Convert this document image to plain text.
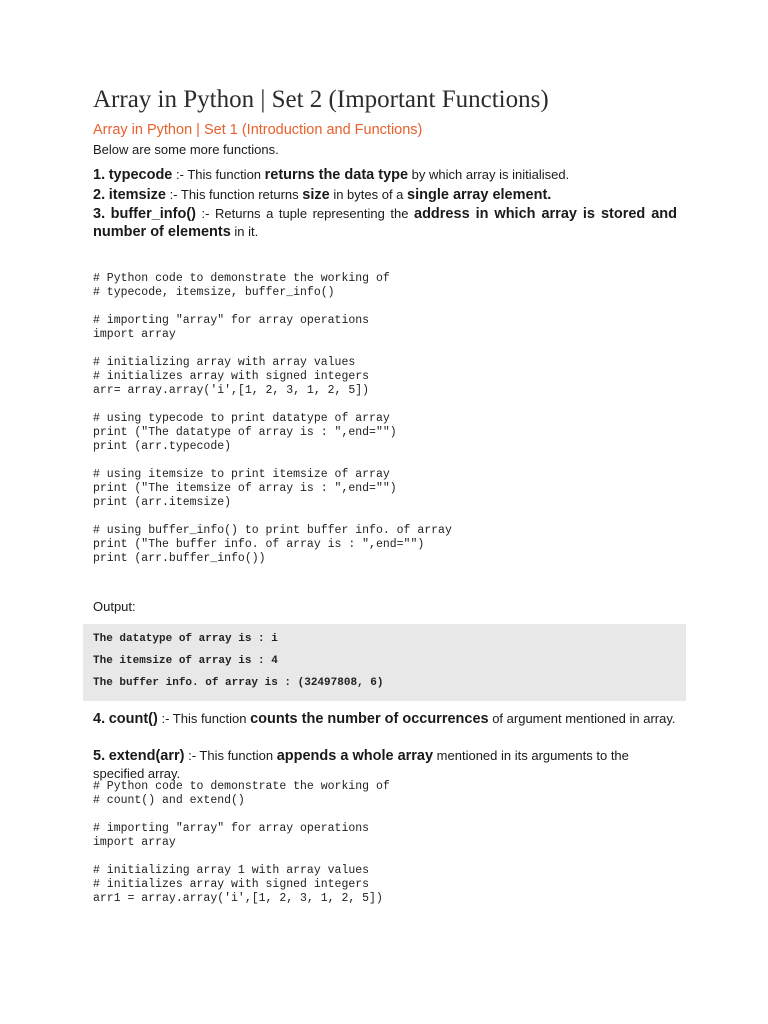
Array in Python | Set 2 (Important Functions)
Array in Python | Set 1 (Introduction and Functions)
Below are some more functions.
1. typecode :- This function returns the data type by which array is initialised.
2. itemsize :- This function returns size in bytes of a single array element.
3. buffer_info() :- Returns a tuple representing the address in which array is stored and number of elements in it.
# Python code to demonstrate the working of
# typecode, itemsize, buffer_info()

# importing "array" for array operations
import array

# initializing array with array values
# initializes array with signed integers
arr= array.array('i',[1, 2, 3, 1, 2, 5])

# using typecode to print datatype of array
print ("The datatype of array is : ",end="")
print (arr.typecode)

# using itemsize to print itemsize of array
print ("The itemsize of array is : ",end="")
print (arr.itemsize)

# using buffer_info() to print buffer info. of array
print ("The buffer info. of array is : ",end="")
print (arr.buffer_info())
Output:
4. count() :- This function counts the number of occurrences of argument mentioned in array.
5. extend(arr) :- This function appends a whole array mentioned in its arguments to the specified array.
# Python code to demonstrate the working of
# count() and extend()

# importing "array" for array operations
import array

# initializing array 1 with array values
# initializes array with signed integers
arr1 = array.array('i',[1, 2, 3, 1, 2, 5])
The datatype of array is : i
The itemsize of array is : 4
The buffer info. of array is : (32497808, 6)
